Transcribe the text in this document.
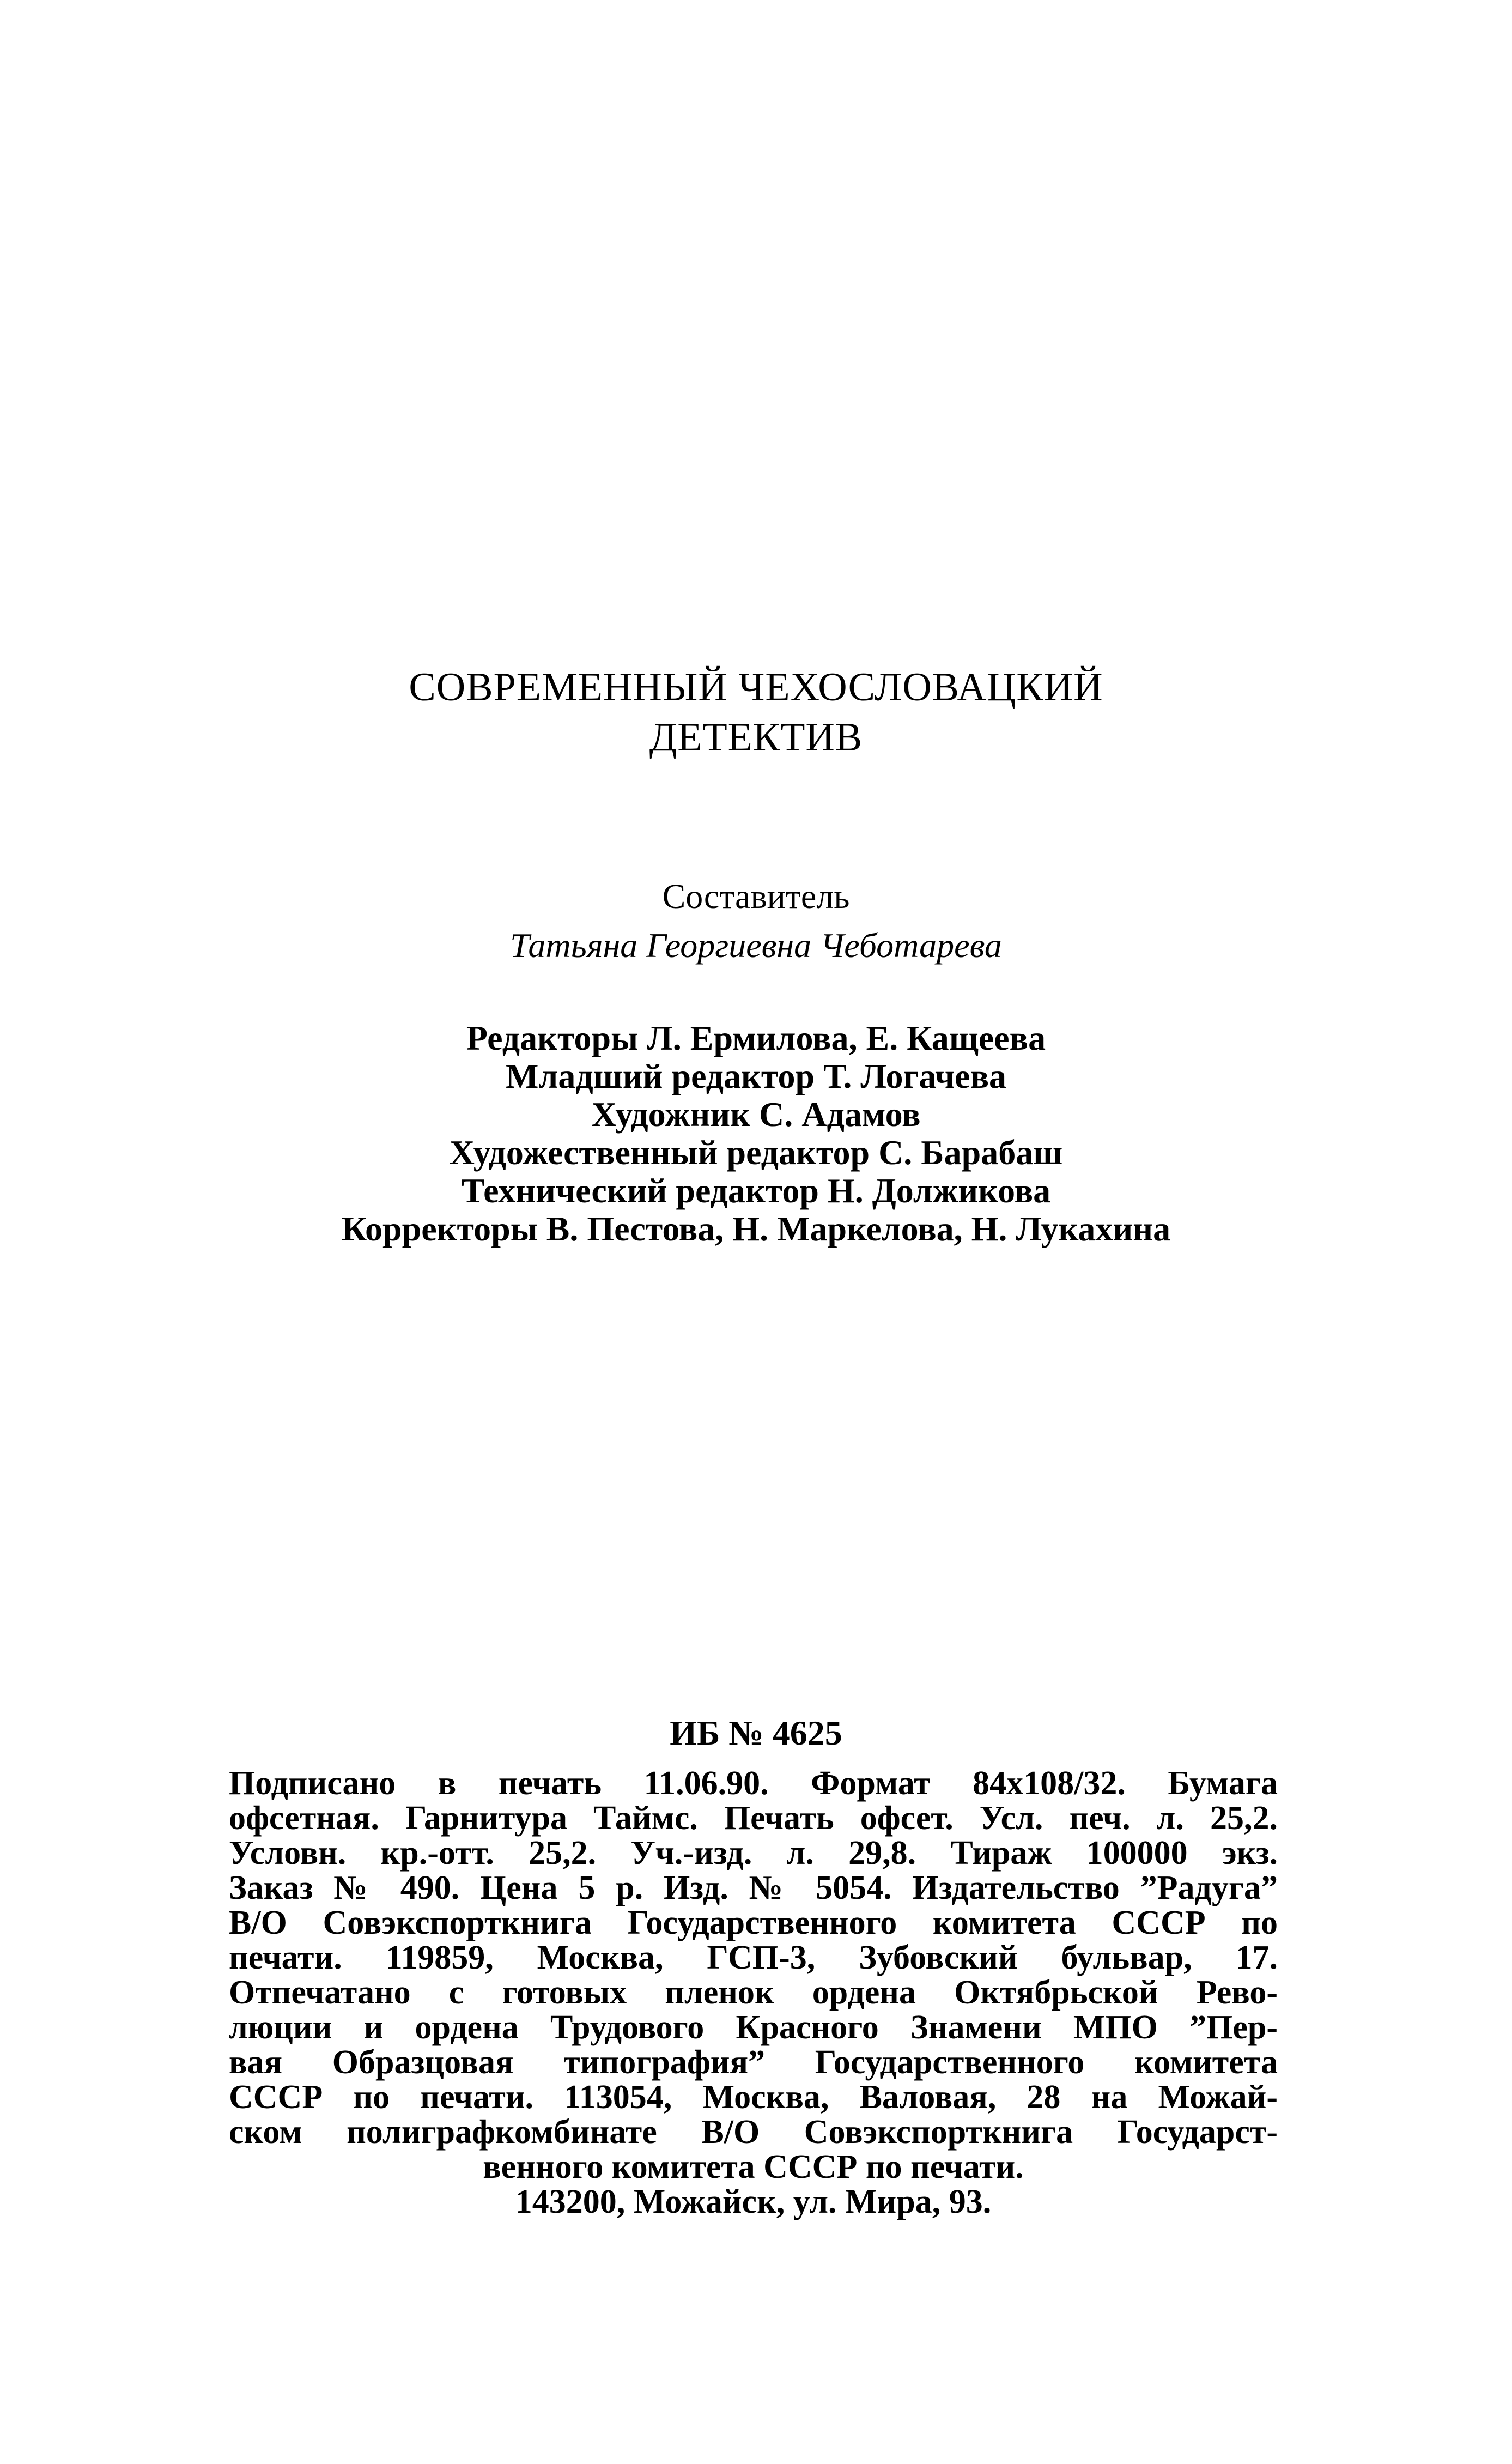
СОВРЕМЕННЫЙ ЧЕХОСЛОВАЦКИЙ
ДЕТЕКТИВ
Составитель
Татьяна Георгиевна Чеботарева
Редакторы Л. Ермилова, Е. Кащеева
Младший редактор Т. Логачева
Художник С. Адамов
Художественный редактор С. Барабаш
Технический редактор Н. Должикова
Корректоры В. Пестова, Н. Маркелова, Н. Лукахина
ИБ № 4625
Подписано в печать 11.06.90. Формат 84х108/32. Бумага
офсетная. Гарнитура Таймс. Печать офсет. Усл. печ. л. 25,2.
Условн. кр.-отт. 25,2. Уч.-изд. л. 29,8. Тираж 100000 экз.
Заказ № 490. Цена 5 р. Изд. № 5054. Издательство ”Радуга”
В/О Совэкспорткнига Государственного комитета СССР по
печати. 119859, Москва, ГСП-3, Зубовский бульвар, 17.
Отпечатано с готовых пленок ордена Октябрьской Рево-
люции и ордена Трудового Красного Знамени МПО ”Пер-
вая Образцовая типография” Государственного комитета
СССР по печати. 113054, Москва, Валовая, 28 на Можай-
ском полиграфкомбинате В/О Совэкспорткнига Государст-
венного комитета СССР по печати.
143200, Можайск, ул. Мира, 93.
